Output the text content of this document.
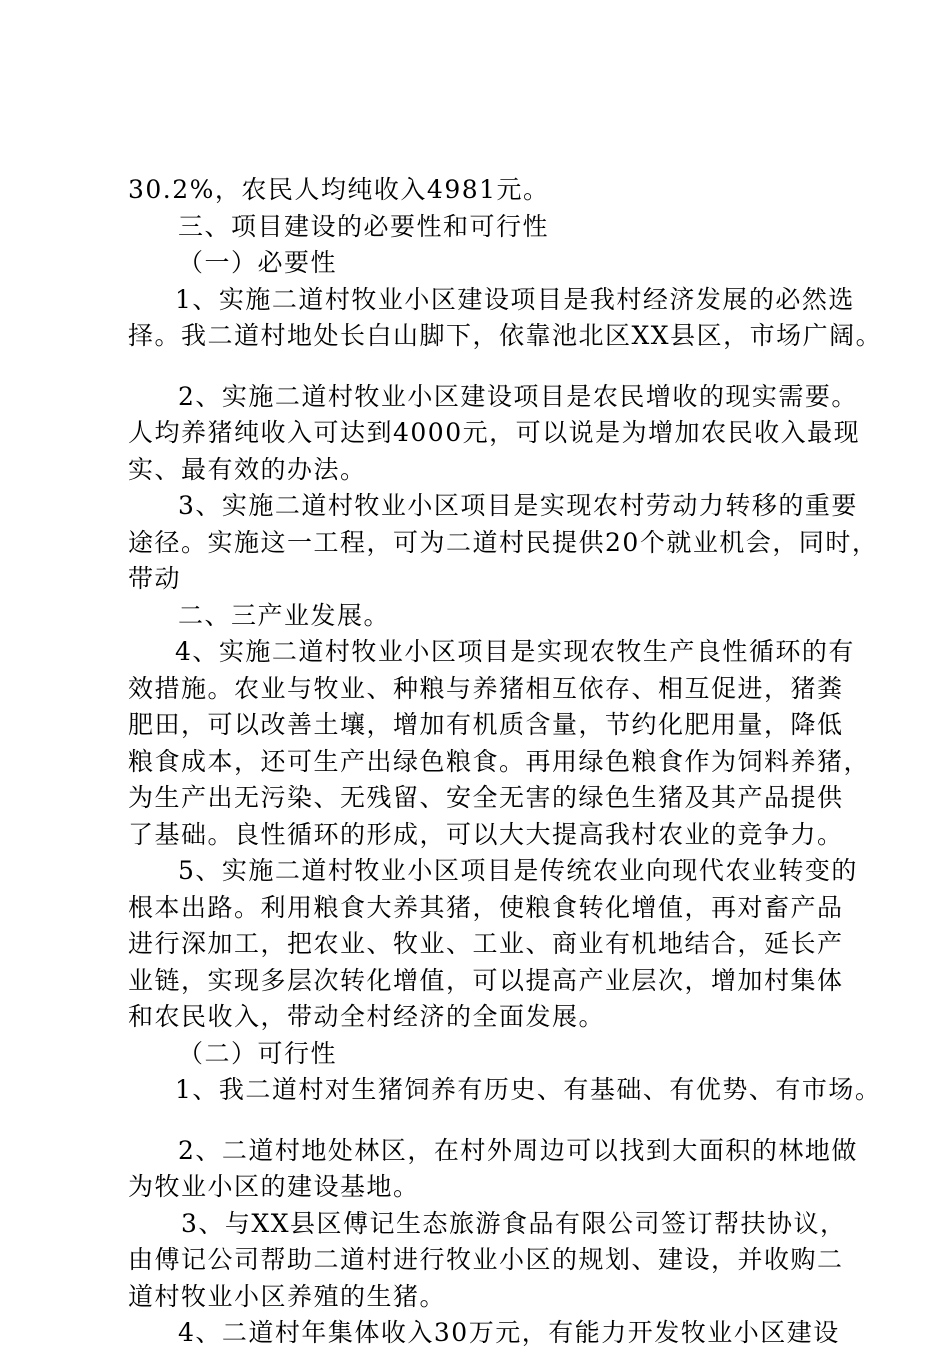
30.2%，农民人均纯收入4981元。
三、项目建设的必要性和可行性
（一）必要性
1、实施二道村牧业小区建设项目是我村经济发展的必然选
择。我二道村地处长白山脚下，依靠池北区XX县区，市场广阔。
2、实施二道村牧业小区建设项目是农民增收的现实需要。
人均养猪纯收入可达到4000元，可以说是为增加农民收入最现
实、最有效的办法。
3、实施二道村牧业小区项目是实现农村劳动力转移的重要
途径。实施这一工程，可为二道村民提供20个就业机会，同时，
带动
二、三产业发展。
4、实施二道村牧业小区项目是实现农牧生产良性循环的有
效措施。农业与牧业、种粮与养猪相互依存、相互促进，猪粪
肥田，可以改善土壤，增加有机质含量，节约化肥用量，降低
粮食成本，还可生产出绿色粮食。再用绿色粮食作为饲料养猪，
为生产出无污染、无残留、安全无害的绿色生猪及其产品提供
了基础。良性循环的形成，可以大大提高我村农业的竞争力。
5、实施二道村牧业小区项目是传统农业向现代农业转变的
根本出路。利用粮食大养其猪，使粮食转化增值，再对畜产品
进行深加工，把农业、牧业、工业、商业有机地结合，延长产
业链，实现多层次转化增值，可以提高产业层次，增加村集体
和农民收入，带动全村经济的全面发展。
（二）可行性
1、我二道村对生猪饲养有历史、有基础、有优势、有市场。
2、二道村地处林区，在村外周边可以找到大面积的林地做
为牧业小区的建设基地。
3、与XX县区傅记生态旅游食品有限公司签订帮扶协议，
由傅记公司帮助二道村进行牧业小区的规划、建设，并收购二
道村牧业小区养殖的生猪。
4、二道村年集体收入30万元，有能力开发牧业小区建设
